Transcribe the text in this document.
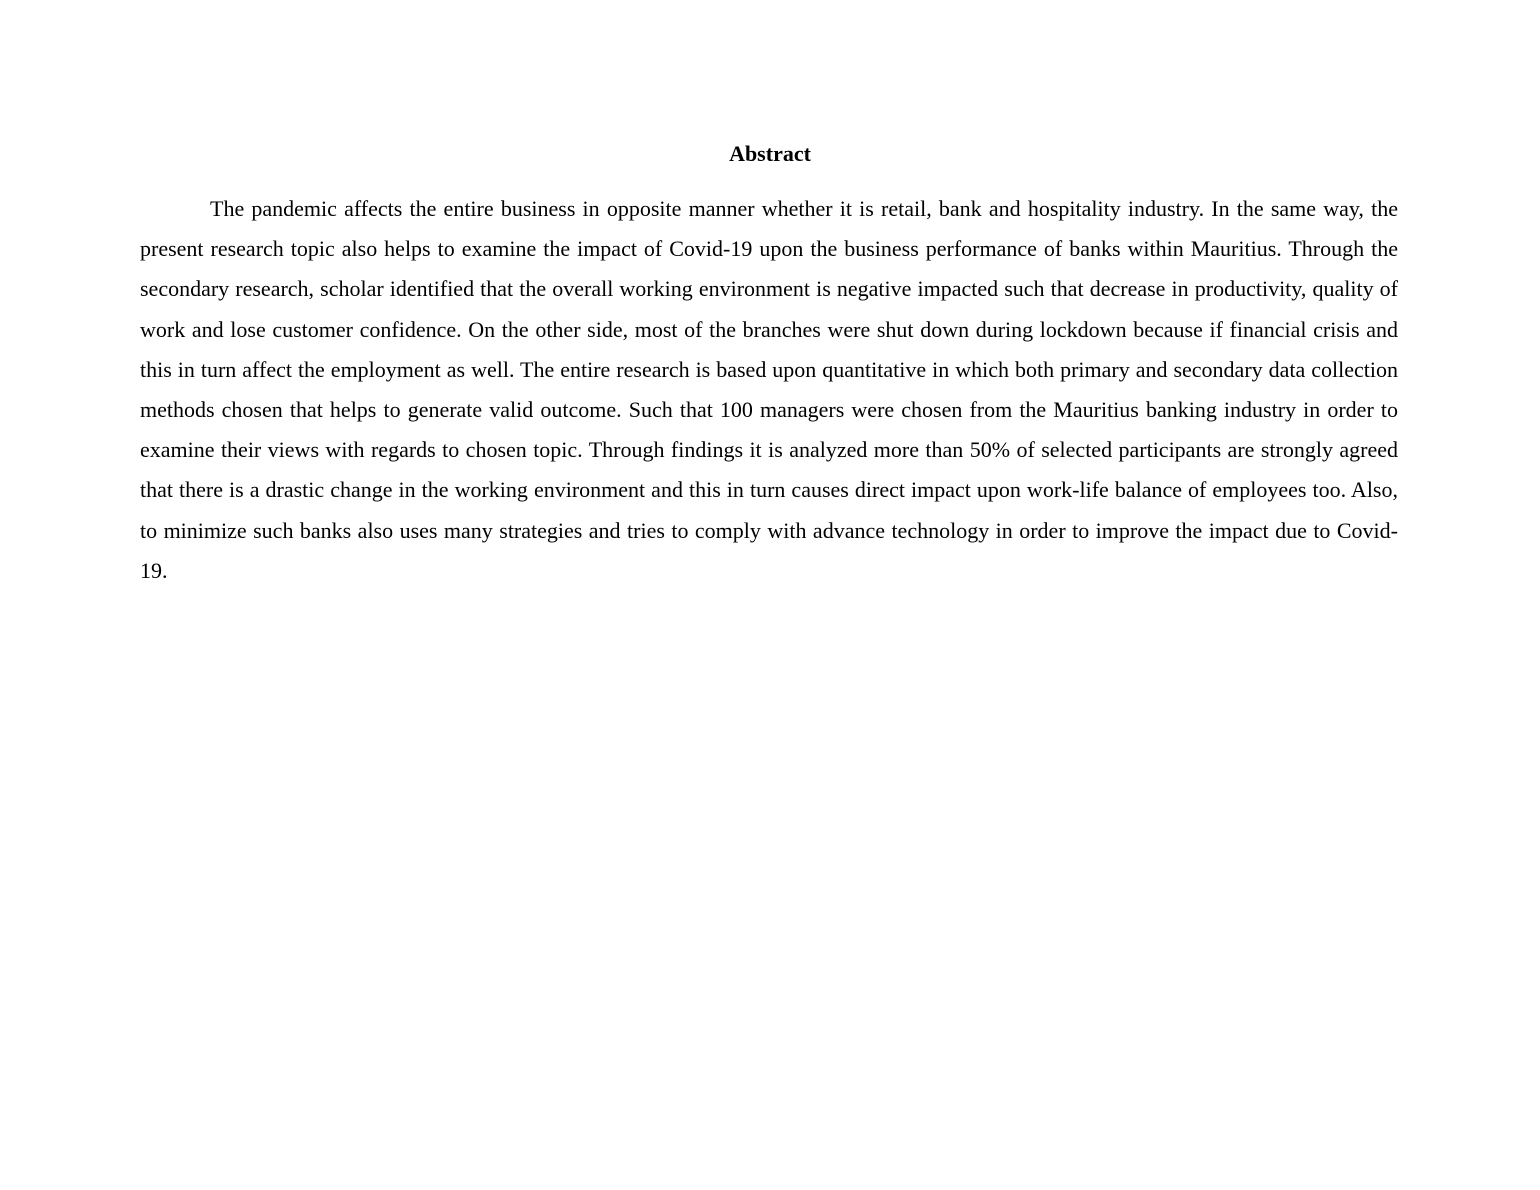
Abstract

The pandemic affects the entire business in opposite manner whether it is retail, bank and hospitality industry. In the same way, the present research topic also helps to examine the impact of Covid-19 upon the business performance of banks within Mauritius. Through the secondary research, scholar identified that the overall working environment is negative impacted such that decrease in productivity, quality of work and lose customer confidence. On the other side, most of the branches were shut down during lockdown because if financial crisis and this in turn affect the employment as well. The entire research is based upon quantitative in which both primary and secondary data collection methods chosen that helps to generate valid outcome. Such that 100 managers were chosen from the Mauritius banking industry in order to examine their views with regards to chosen topic. Through findings it is analyzed more than 50% of selected participants are strongly agreed that there is a drastic change in the working environment and this in turn causes direct impact upon work-life balance of employees too. Also, to minimize such banks also uses many strategies and tries to comply with advance technology in order to improve the impact due to Covid-19.
